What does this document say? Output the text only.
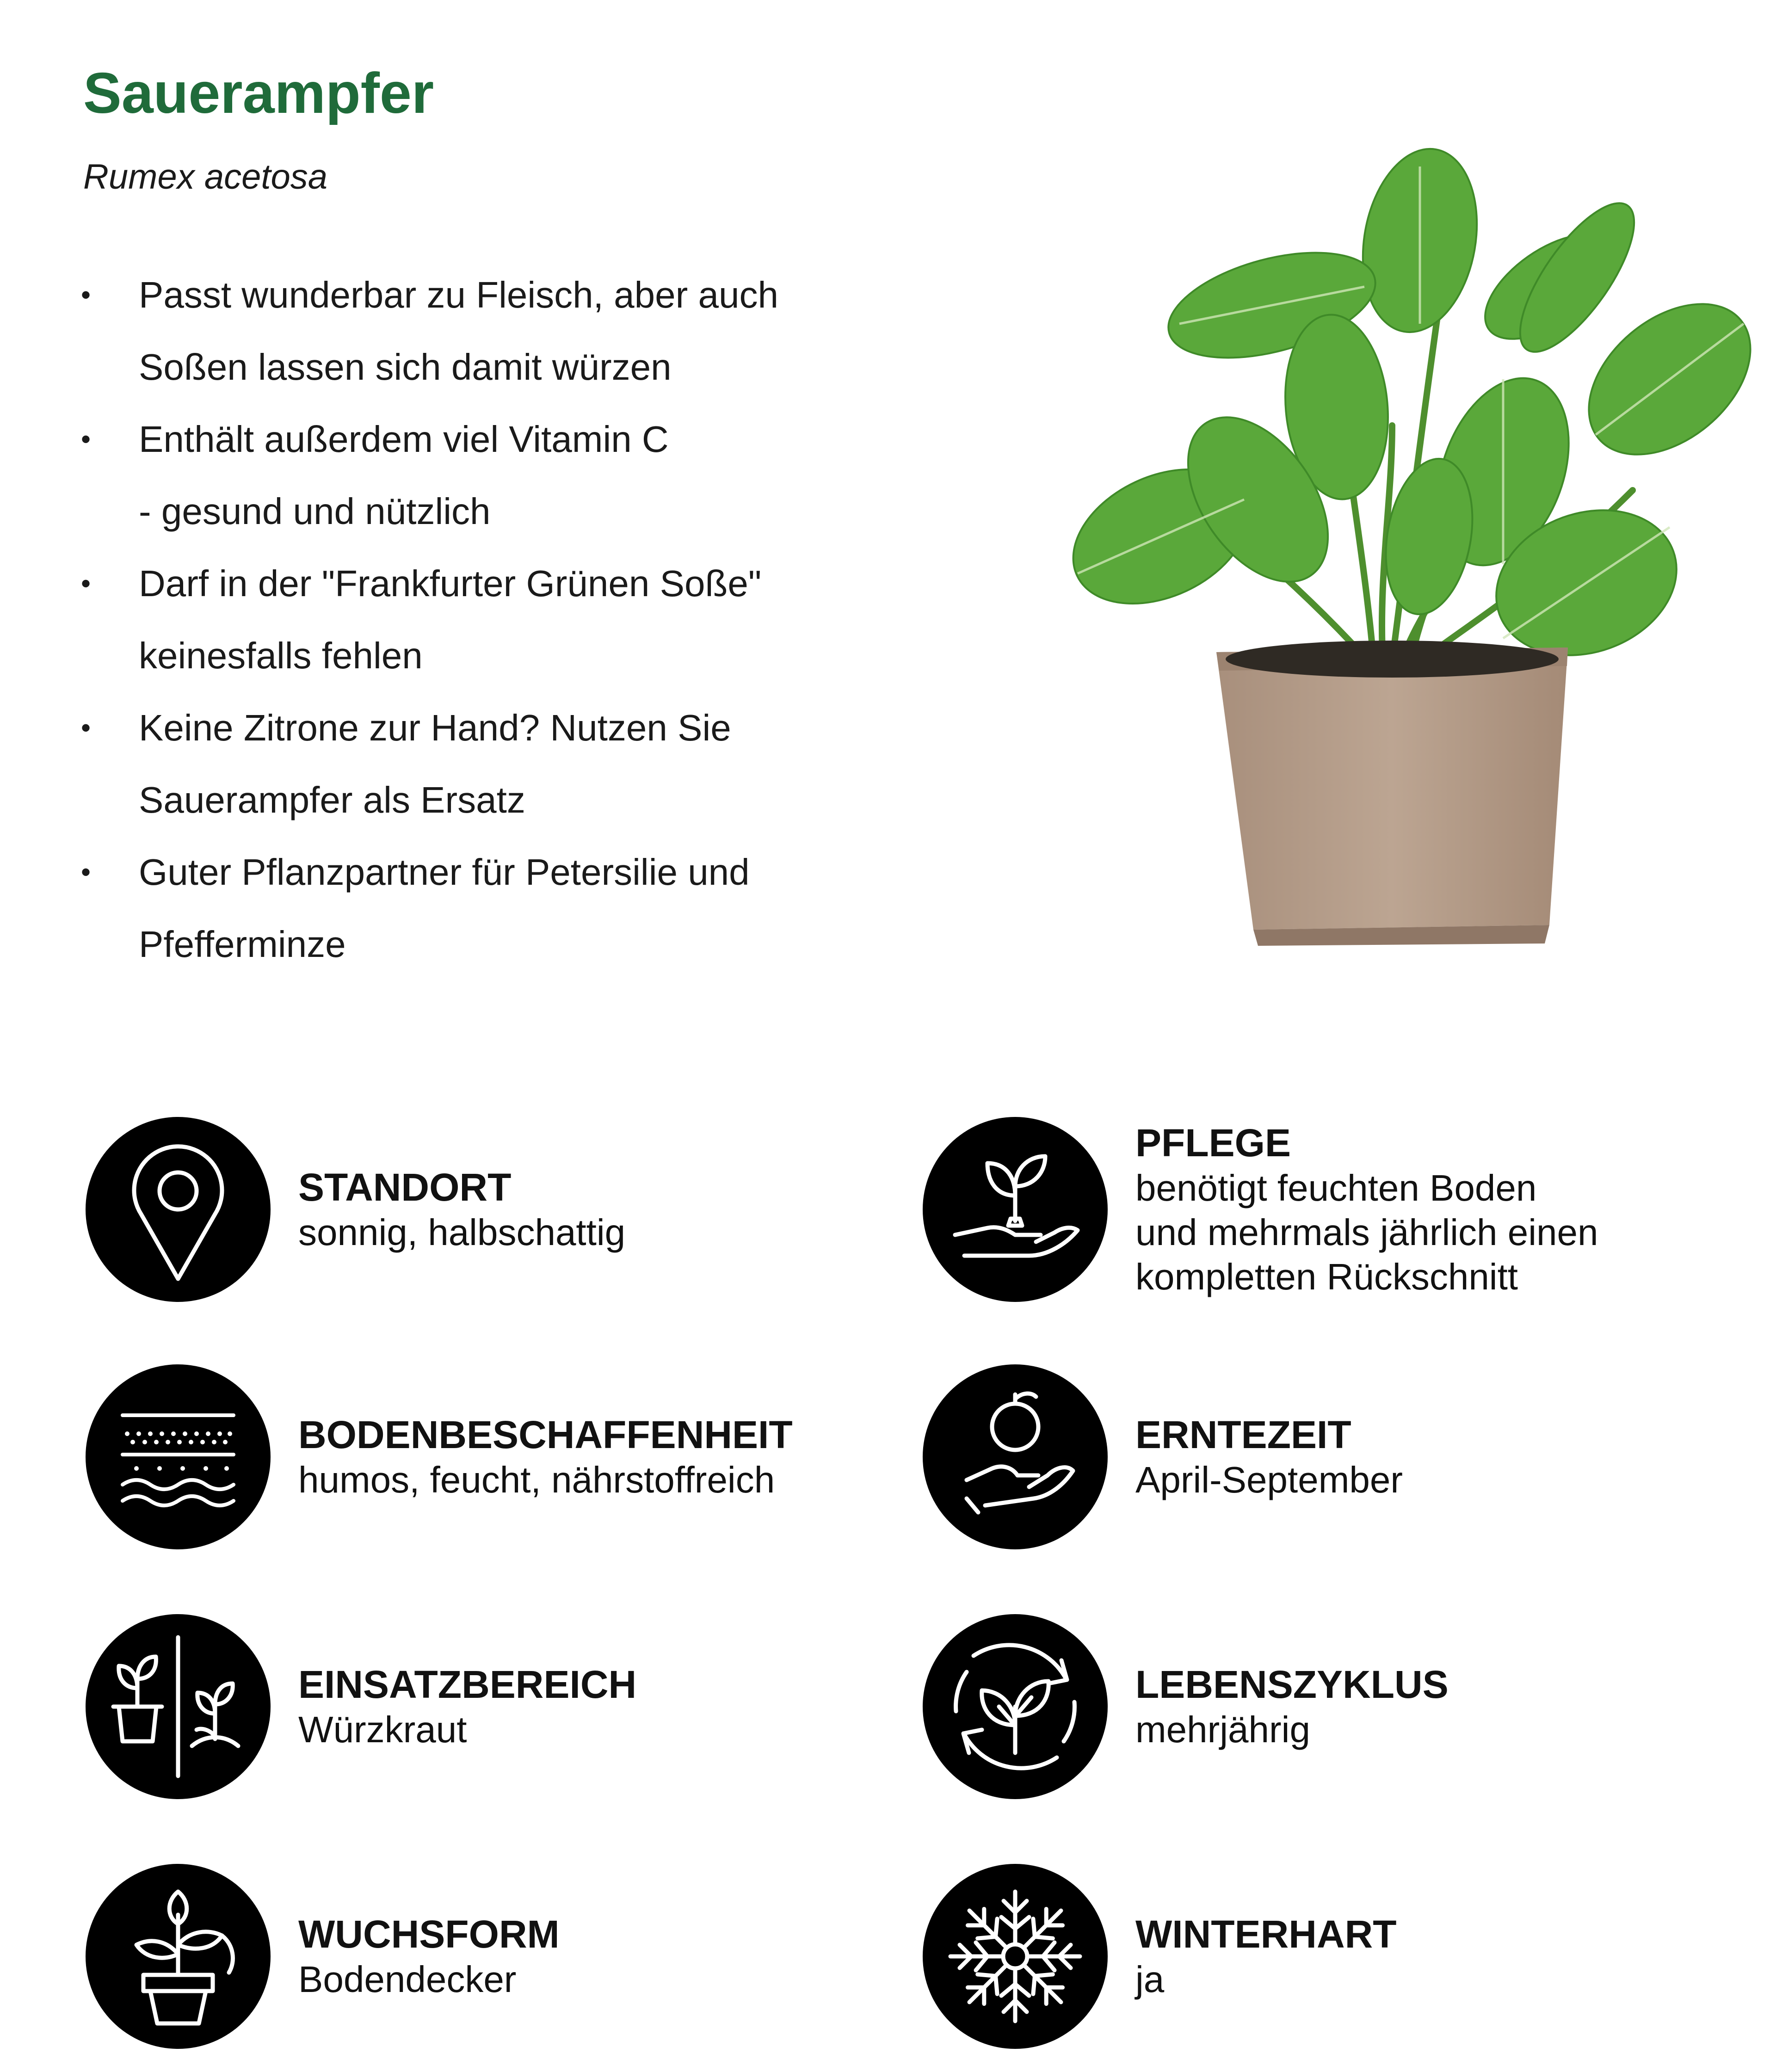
Sauerampfer

Rumex acetosa

• Passt wunderbar zu Fleisch, aber auch
Soßen lassen sich damit würzen
• Enthält außerdem viel Vitamin C
- gesund und nützlich
• Darf in der "Frankfurter Grünen Soße"
keinesfalls fehlen
• Keine Zitrone zur Hand? Nutzen Sie
Sauerampfer als Ersatz
• Guter Pflanzpartner für Petersilie und
Pfefferminze
STANDORT
sonnig, halbschattig
PFLEGE
benötigt feuchten Boden
und mehrmals jährlich einen
kompletten Rückschnitt
BODENBESCHAFFENHEIT
humos, feucht, nährstoffreich
ERNTEZEIT
April-September
EINSATZBEREICH
Würzkraut
LEBENSZYKLUS
mehrjährig
WUCHSFORM
Bodendecker
WINTERHART
ja
